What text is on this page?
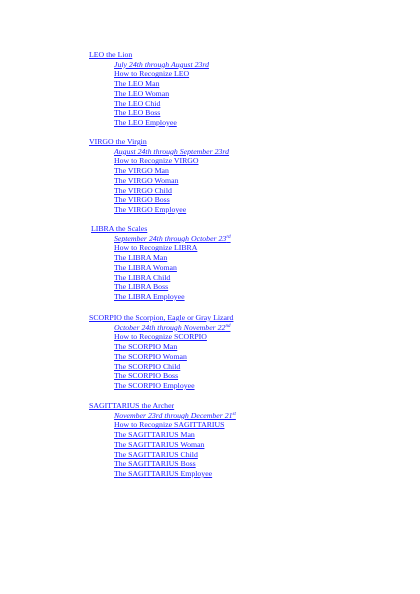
LEO the Lion
July 24th through August 23rd
How to Recognize LEO
The LEO Man
The LEO Woman
The LEO Chid
The LEO Boss
The LEO Employee
VIRGO the Virgin
August 24th through September 23rd
How to Recognize VIRGO
The VIRGO Man
The VIRGO Woman
The VIRGO Child
The VIRGO Boss
The VIRGO Employee
LIBRA the Scales
September 24th through October 23rd
How to Recognize LIBRA
The LIBRA Man
The LIBRA Woman
The LIBRA Child
The LIBRA Boss
The LIBRA Employee
SCORPIO the Scorpion, Eagle or Gray Lizard
October 24th through November 22nd
How to Recognize SCORPIO
The SCORPIO Man
The SCORPIO Woman
The SCORPIO Child
The SCORPIO Boss
The SCORPIO Employee
SAGITTARIUS the Archer
November 23rd through December 21st
How to Recognize SAGITTARIUS
The SAGITTARIUS Man
The SAGITTARIUS Woman
The SAGITTARIUS Child
The SAGITTARIUS Boss
The SAGITTARIUS Employee
